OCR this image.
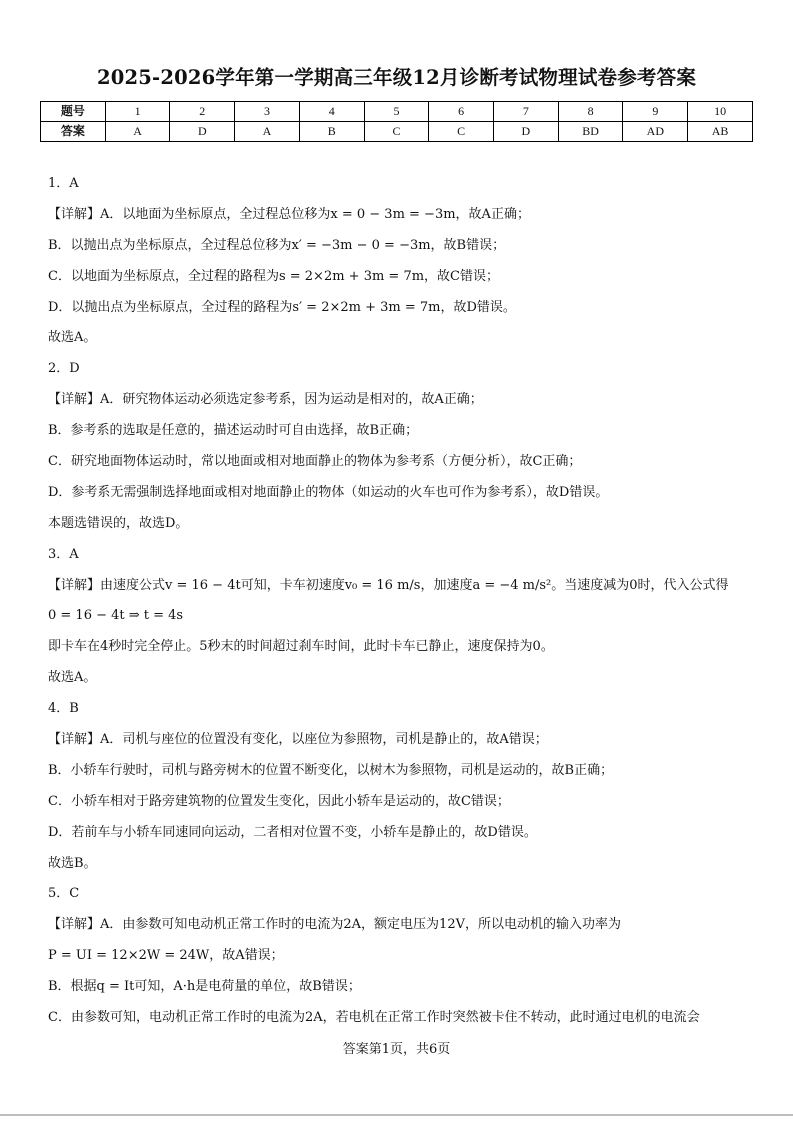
2025-2026学年第一学期高三年级12月诊断考试物理试卷参考答案
题号	1	2	3	4	5	6	7	8	9	10
答案	A	D	A	B	C	C	D	BD	AD	AB
1．A
【详解】A．以地面为坐标原点，全过程总位移为x = 0 − 3m = −3m，故A正确；
B．以抛出点为坐标原点，全过程总位移为x′ = −3m − 0 = −3m，故B错误；
C．以地面为坐标原点，全过程的路程为s = 2×2m + 3m = 7m，故C错误；
D．以抛出点为坐标原点，全过程的路程为s′ = 2×2m + 3m = 7m，故D错误。
故选A。
2．D
【详解】A．研究物体运动必须选定参考系，因为运动是相对的，故A正确；
B．参考系的选取是任意的，描述运动时可自由选择，故B正确；
C．研究地面物体运动时，常以地面或相对地面静止的物体为参考系（方便分析），故C正确；
D．参考系无需强制选择地面或相对地面静止的物体（如运动的火车也可作为参考系），故D错误。
本题选错误的，故选D。
3．A
【详解】由速度公式v = 16 − 4t可知，卡车初速度v₀ = 16 m/s，加速度a = −4 m/s²。当速度减为0时，代入公式得
0 = 16 − 4t ⇒ t = 4s
即卡车在4秒时完全停止。5秒末的时间超过刹车时间，此时卡车已静止，速度保持为0。
故选A。
4．B
【详解】A．司机与座位的位置没有变化，以座位为参照物，司机是静止的，故A错误；
B．小轿车行驶时，司机与路旁树木的位置不断变化，以树木为参照物，司机是运动的，故B正确；
C．小轿车相对于路旁建筑物的位置发生变化，因此小轿车是运动的，故C错误；
D．若前车与小轿车同速同向运动，二者相对位置不变，小轿车是静止的，故D错误。
故选B。
5．C
【详解】A．由参数可知电动机正常工作时的电流为2A，额定电压为12V，所以电动机的输入功率为
P = UI = 12×2W = 24W，故A错误；
B．根据q = It可知，A·h是电荷量的单位，故B错误；
C．由参数可知，电动机正常工作时的电流为2A，若电机在正常工作时突然被卡住不转动，此时通过电机的电流会
答案第1页，共6页
